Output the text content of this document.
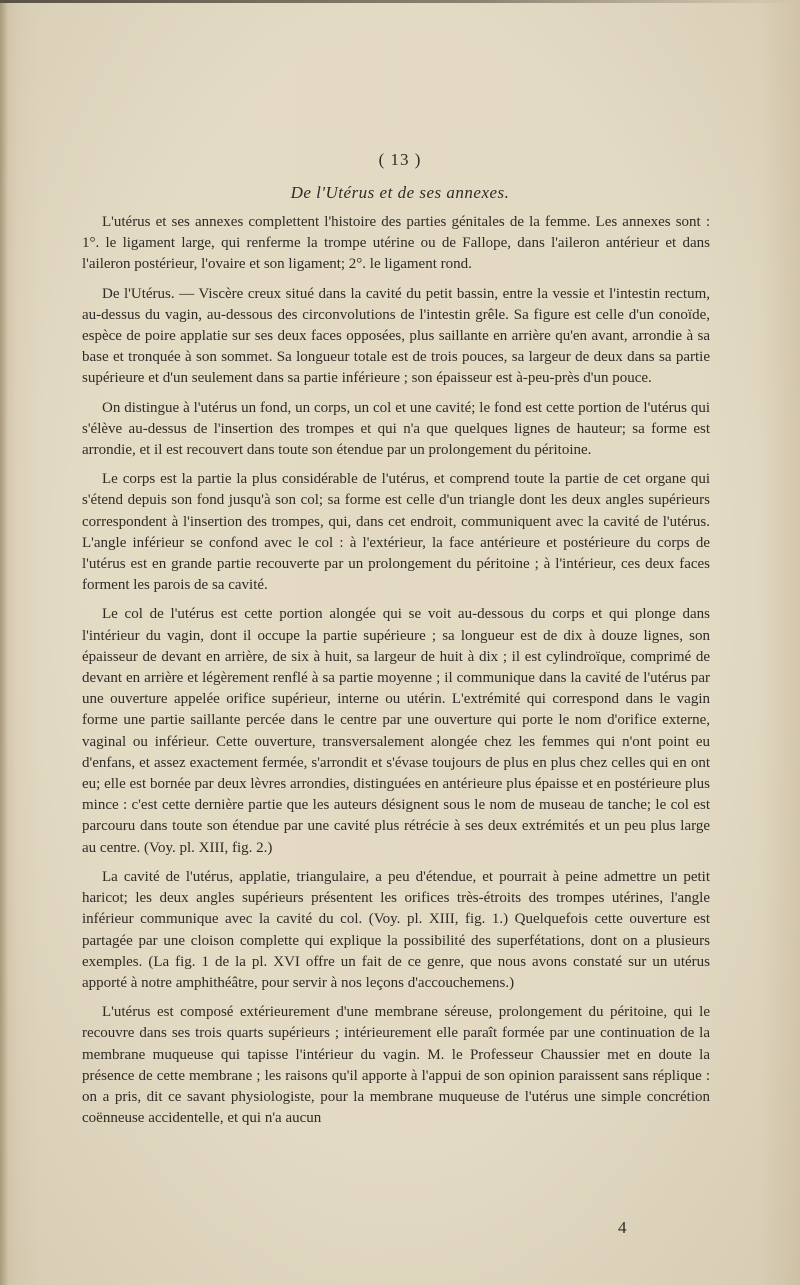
( 13 )
De l'Utérus et de ses annexes.

L'utérus et ses annexes complettent l'histoire des parties génitales de la femme. Les annexes sont : 1°. le ligament large, qui renferme la trompe utérine ou de Fallope, dans l'aileron antérieur et dans l'aileron postérieur, l'ovaire et son ligament; 2°. le ligament rond.

De l'Utérus. — Viscère creux situé dans la cavité du petit bassin, entre la vessie et l'intestin rectum, au-dessus du vagin, au-dessous des circonvolutions de l'intestin grêle. Sa figure est celle d'un conoïde, espèce de poire applatie sur ses deux faces opposées, plus saillante en arrière qu'en avant, arrondie à sa base et tronquée à son sommet. Sa longueur totale est de trois pouces, sa largeur de deux dans sa partie supérieure et d'un seulement dans sa partie inférieure ; son épaisseur est à-peu-près d'un pouce.

On distingue à l'utérus un fond, un corps, un col et une cavité; le fond est cette portion de l'utérus qui s'élève au-dessus de l'insertion des trompes et qui n'a que quelques lignes de hauteur; sa forme est arrondie, et il est recouvert dans toute son étendue par un prolongement du péritoine.

Le corps est la partie la plus considérable de l'utérus, et comprend toute la partie de cet organe qui s'étend depuis son fond jusqu'à son col; sa forme est celle d'un triangle dont les deux angles supérieurs correspondent à l'insertion des trompes, qui, dans cet endroit, communiquent avec la cavité de l'utérus. L'angle inférieur se confond avec le col : à l'extérieur, la face antérieure et postérieure du corps de l'utérus est en grande partie recouverte par un prolongement du péritoine ; à l'intérieur, ces deux faces forment les parois de sa cavité.

Le col de l'utérus est cette portion alongée qui se voit au-dessous du corps et qui plonge dans l'intérieur du vagin, dont il occupe la partie supérieure ; sa longueur est de dix à douze lignes, son épaisseur de devant en arrière, de six à huit, sa largeur de huit à dix ; il est cylindroïque, comprimé de devant en arrière et légèrement renflé à sa partie moyenne ; il communique dans la cavité de l'utérus par une ouverture appelée orifice supérieur, interne ou utérin. L'extrémité qui correspond dans le vagin forme une partie saillante percée dans le centre par une ouverture qui porte le nom d'orifice externe, vaginal ou inférieur. Cette ouverture, transversalement alongée chez les femmes qui n'ont point eu d'enfans, et assez exactement fermée, s'arrondit et s'évase toujours de plus en plus chez celles qui en ont eu; elle est bornée par deux lèvres arrondies, distinguées en antérieure plus épaisse et en postérieure plus mince : c'est cette dernière partie que les auteurs désignent sous le nom de museau de tanche; le col est parcouru dans toute son étendue par une cavité plus rétrécie à ses deux extrémités et un peu plus large au centre. (Voy. pl. XIII, fig. 2.)

La cavité de l'utérus, applatie, triangulaire, a peu d'étendue, et pourrait à peine admettre un petit haricot; les deux angles supérieurs présentent les orifices très-étroits des trompes utérines, l'angle inférieur communique avec la cavité du col. (Voy. pl. XIII, fig. 1.) Quelquefois cette ouverture est partagée par une cloison complette qui explique la possibilité des superfétations, dont on a plusieurs exemples. (La fig. 1 de la pl. XVI offre un fait de ce genre, que nous avons constaté sur un utérus apporté à notre amphithéâtre, pour servir à nos leçons d'accouchemens.)

L'utérus est composé extérieurement d'une membrane séreuse, prolongement du péritoine, qui le recouvre dans ses trois quarts supérieurs ; intérieurement elle paraît formée par une continuation de la membrane muqueuse qui tapisse l'intérieur du vagin. M. le Professeur Chaussier met en doute la présence de cette membrane ; les raisons qu'il apporte à l'appui de son opinion paraissent sans réplique : on a pris, dit ce savant physiologiste, pour la membrane muqueuse de l'utérus une simple concrétion coënneuse accidentelle, et qui n'a aucun

4
